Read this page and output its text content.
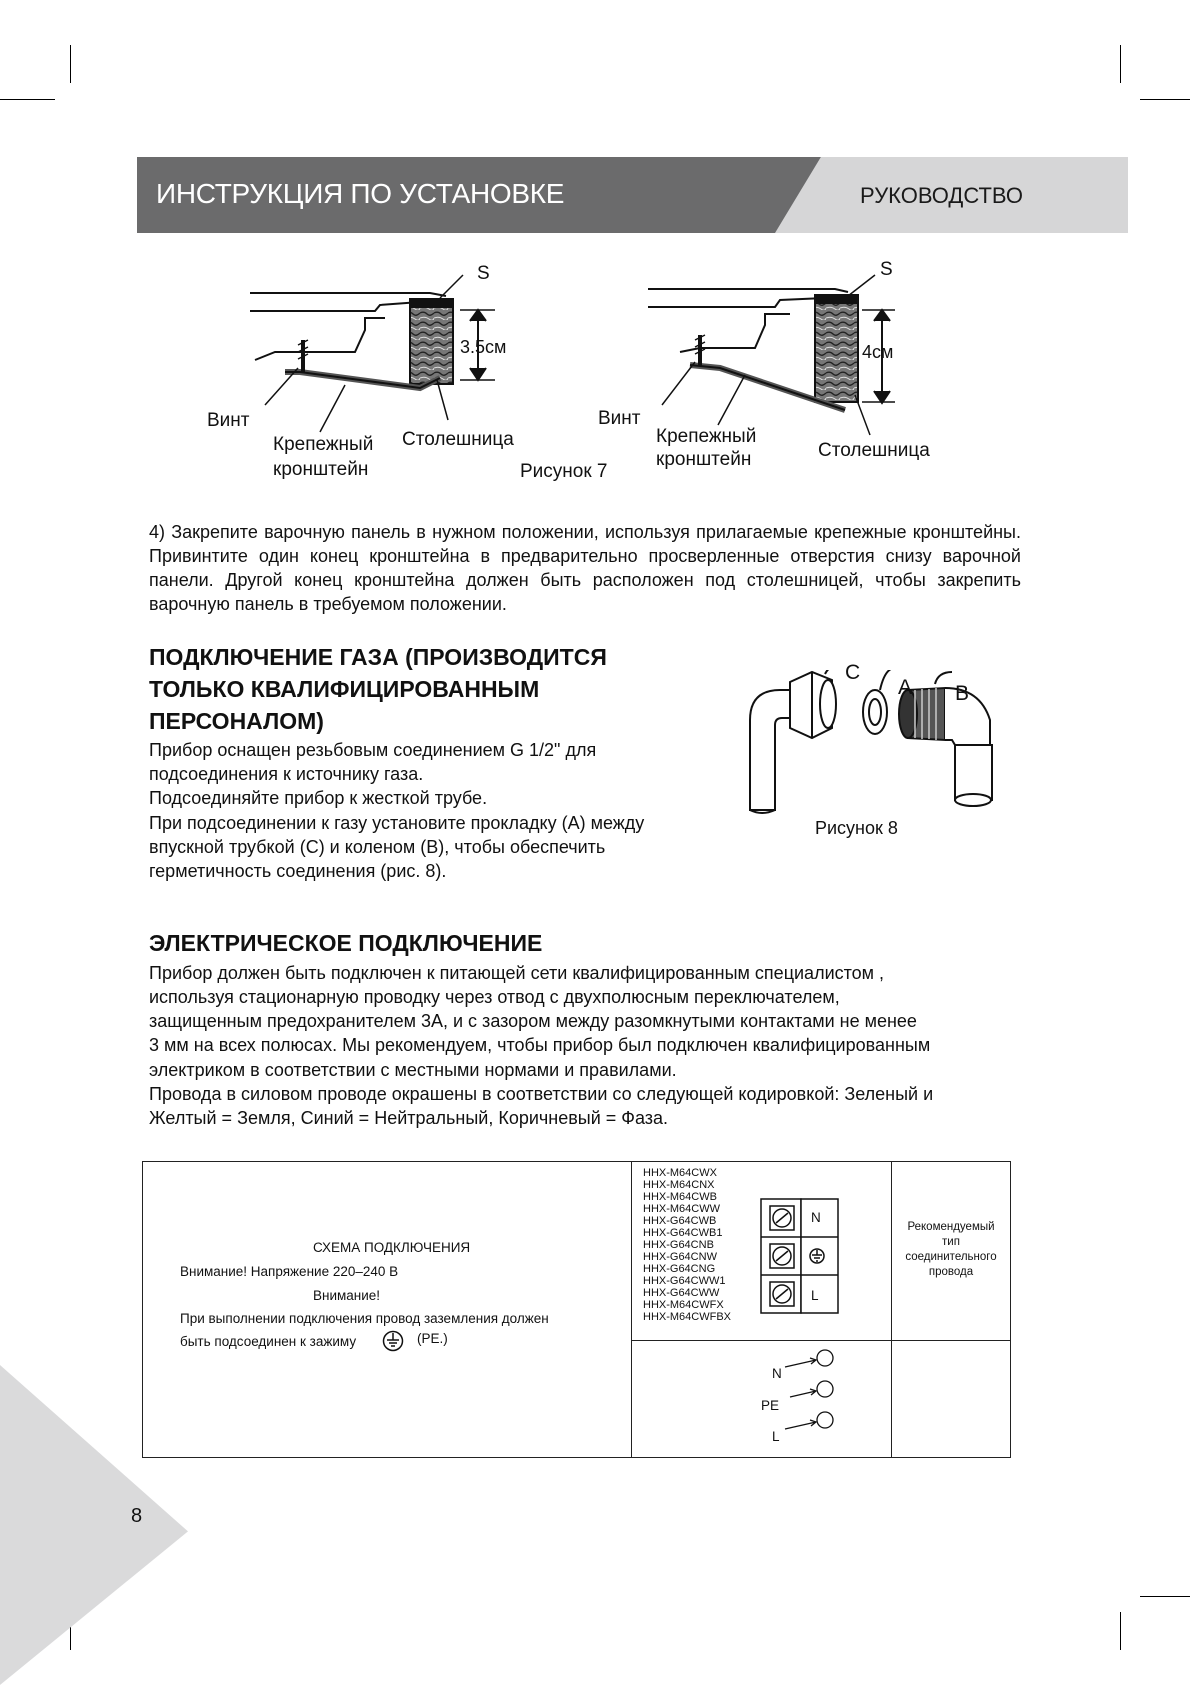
ИНСТРУКЦИЯ ПО УСТАНОВКЕ	РУКОВОДСТВО
S
3.5см
Винт
Крепежный
кронштейн
Столешница
S
4см
Винт
Крепежный
кронштейн	Столешница
Рисунок 7
4) Закрепите варочную панель в нужном положении, используя прилагаемые крепежные кронштейны. Привинтите один конец кронштейна в предварительно просверленные отверстия снизу варочной панели. Другой конец кронштейна должен быть расположен под столешницей, чтобы закрепить варочную панель в требуемом положении.
ПОДКЛЮЧЕНИЕ ГАЗА (ПРОИЗВОДИТСЯ
ТОЛЬКО КВАЛИФИЦИРОВАННЫМ
ПЕРСОНАЛОМ)
Прибор оснащен резьбовым соединением G 1/2" для
подсоединения к источнику газа.
Подсоединяйте прибор к жесткой трубе.
При подсоединении к газу установите прокладку (А) между
впускной трубкой (С) и коленом (В), чтобы обеспечить
герметичность соединения (рис. 8).
C
A B
Рисунок 8
ЭЛЕКТРИЧЕСКОЕ ПОДКЛЮЧЕНИЕ
Прибор должен быть подключен к питающей сети квалифицированным специалистом ,
используя стационарную проводку через отвод с двухполюсным переключателем,
защищенным предохранителем 3А, и с зазором между разомкнутыми контактами не менее
3 мм на всех полюсах. Мы рекомендуем, чтобы прибор был подключен квалифицированным
электриком в соответствии с местными нормами и правилами.
Провода в силовом проводе окрашены в соответствии со следующей кодировкой: Зеленый и
Желтый = Земля, Синий = Нейтральный, Коричневый = Фаза.
СХЕМА ПОДКЛЮЧЕНИЯ
Внимание! Напряжение 220–240 В
Внимание!
При выполнении подключения провод заземления должен
быть подсоединен к зажиму	(PE.)
HHX-M64CWX
HHX-M64CNX
HHX-M64CWB
HHX-M64CWW
HHX-G64CWB
HHX-G64CWB1
HHX-G64CNB
HHX-G64CNW
HHX-G64CNG
HHX-G64CWW1
HHX-G64CWW
HHX-M64CWFX
HHX-M64CWFBX
N
L
N
PE
L
Рекомендуемый
тип
соединительного
провода
8
